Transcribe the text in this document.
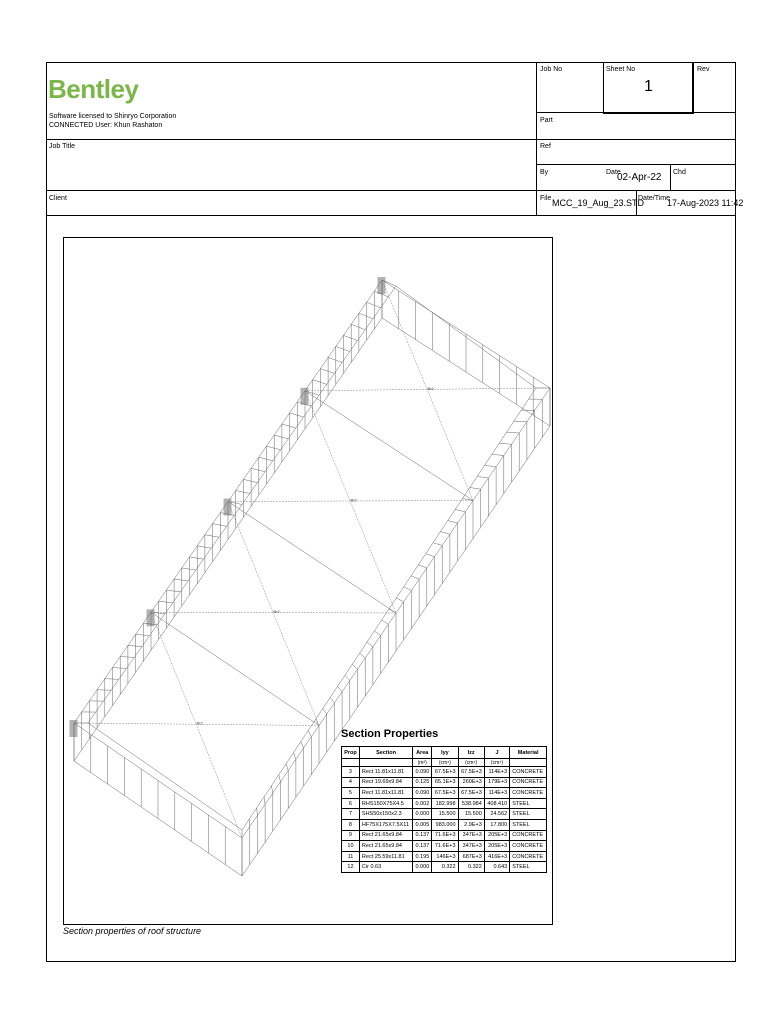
Bentley
Software licensed to Shinryo Corporation
CONNECTED User: Khun Rashaton
Job No	Sheet No
1
Rev
Part
Job Title	Ref
By	Date
02-Apr-22 Chd
Client	File MCC_19_Aug_23.STD
Date/Time
17-Aug-2023 11:42
Br2
Br2
Br2
Br2
Section Properties
Prop	Section	Area	Iyy	Izz	J	Material
		(m²)	(cm⁴)	(cm⁴)	(cm⁴)	
3	Rect 11.81x11.81	0.090	67.5E+3	67.5E+3	114E+3	CONCRETE
4	Rect 19.69x9.84	0.125	65.1E+3	260E+3	179E+3	CONCRETE
5	Rect 11.81x11.81	0.090	67.5E+3	67.5E+3	114E+3	CONCRETE
6	RHS150X75X4.5	0.002	182.998	538.984	408.410	STEEL
7	SHS50x150x2.3	0.000	15.500	15.500	24.562	STEEL
8	HF75X175X7.5X11	0.005	983.000	2.9E+3	17.800	STEEL
9	Rect 21.65x9.84	0.137	71.6E+3	347E+3	205E+3	CONCRETE
10	Rect 21.65x9.84	0.137	71.6E+3	347E+3	205E+3	CONCRETE
11	Rect 25.59x11.81	0.195	146E+3	687E+3	416E+3	CONCRETE
12	Cir 0.63	0.000	0.322	0.322	0.643	STEEL
Section properties of roof structure
